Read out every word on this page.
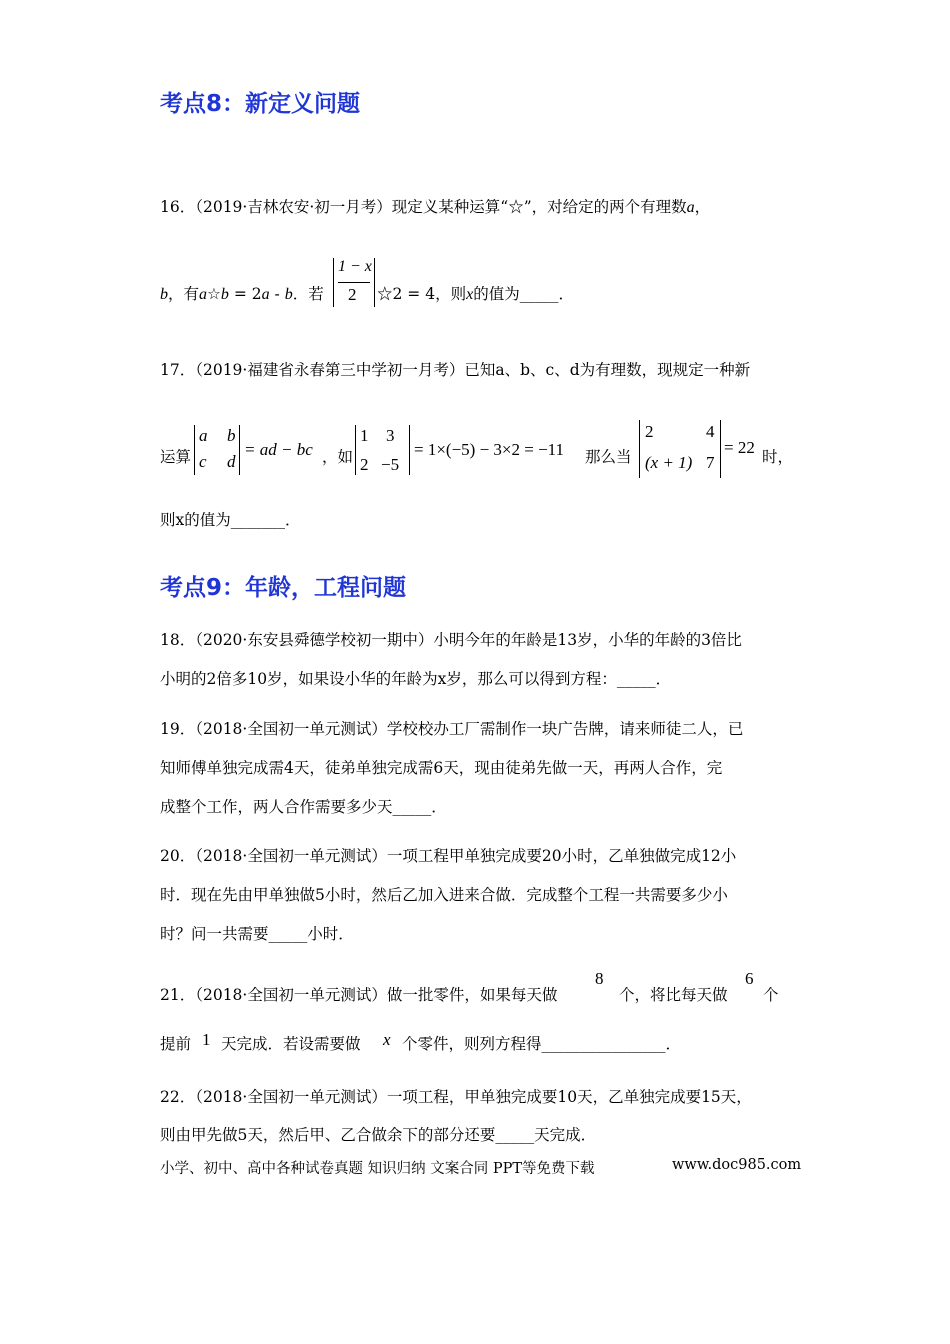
考点8：新定义问题
16．（2019·吉林农安·初一月考）现定义某种运算“☆”，对给定的两个有理数a，
b，有a☆b = 2a - b．若
1 − x
2 ☆2 = 4，则x的值为_____．
17．（2019·福建省永春第三中学初一月考）已知a、b、c、d为有理数，现规定一种新
运算
a b
c d
= ad − bc ，如
1 3
2 −5
= 1×(−5) − 3×2 = −11 那么当
2	4
(x + 1) 7
= 22 时，
则x的值为_______．
考点9：年龄，工程问题
18．（2020·东安县舜德学校初一期中）小明今年的年龄是13岁，小华的年龄的3倍比
小明的2倍多10岁，如果设小华的年龄为x岁，那么可以得到方程：_____．
19．（2018·全国初一单元测试）学校校办工厂需制作一块广告牌，请来师徒二人，已
知师傅单独完成需4天，徒弟单独完成需6天，现由徒弟先做一天，再两人合作，完
成整个工作，两人合作需要多少天_____．
20．（2018·全国初一单元测试）一项工程甲单独完成要20小时，乙单独做完成12小
时．现在先由甲单独做5小时，然后乙加入进来合做．完成整个工程一共需要多少小
时？问一共需要_____小时．
21．（2018·全国初一单元测试）做一批零件，如果每天做
8
个，将比每天做
6
个
提前 1 天完成．若设需要做 x 个零件，则列方程得________________．
22．（2018·全国初一单元测试）一项工程，甲单独完成要10天，乙单独完成要15天，
则由甲先做5天，然后甲、乙合做余下的部分还要_____天完成．
小学、初中、高中各种试卷真题 知识归纳 文案合同 PPT等免费下载	www.doc985.com
